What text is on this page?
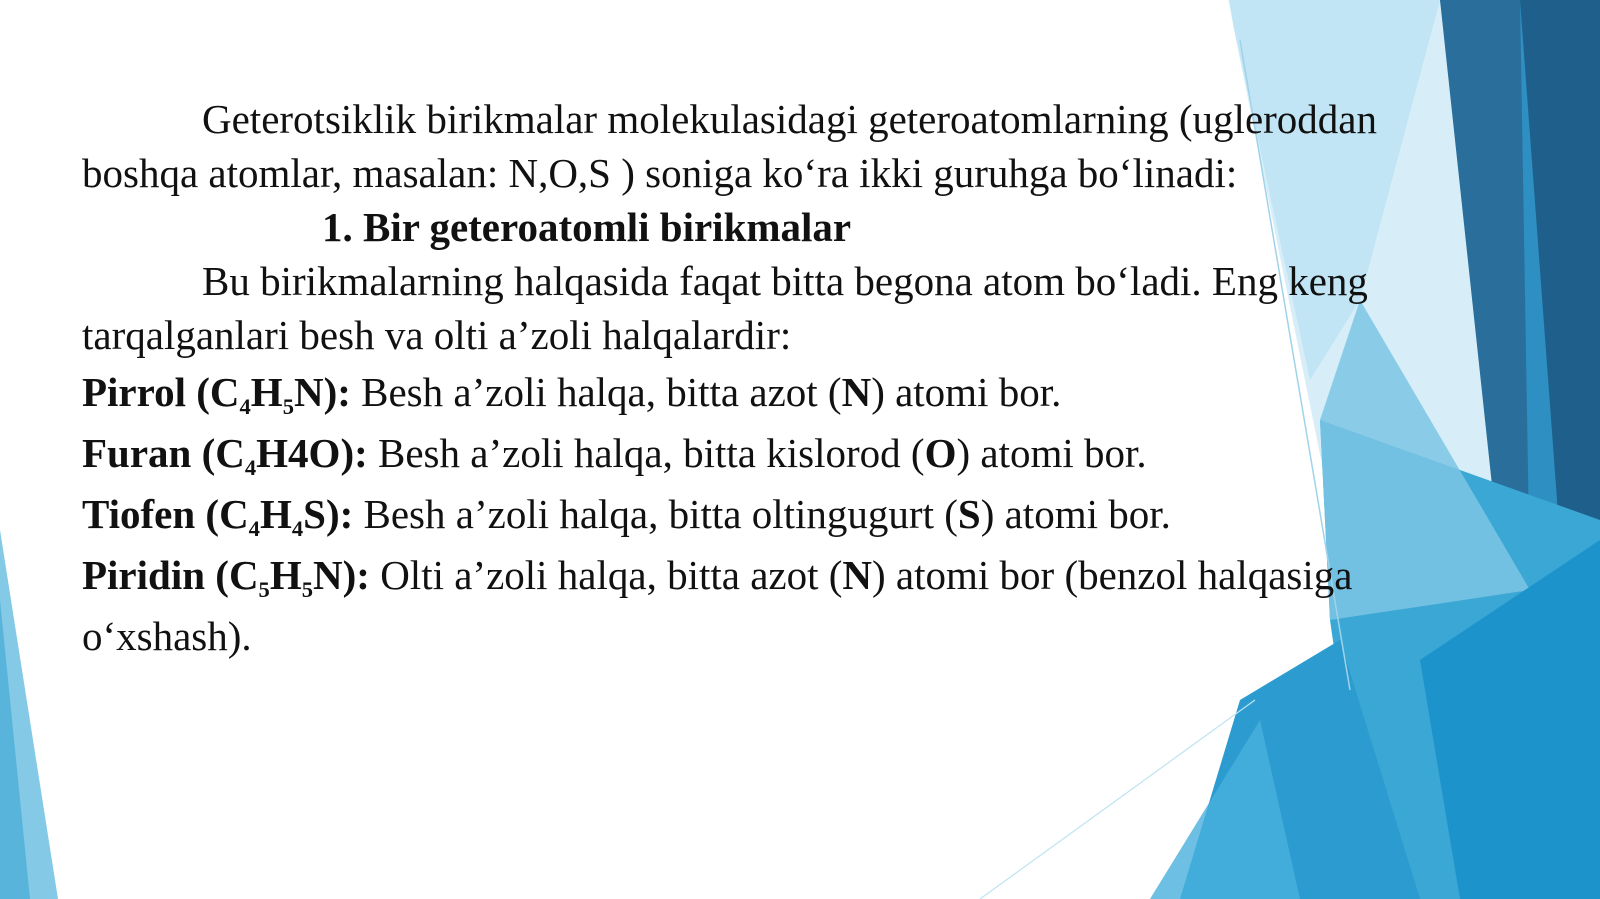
Geterotsiklik birikmalar molekulasidagi geteroatomlarning (ugleroddan boshqa atomlar, masalan: N,O,S ) soniga ko‘ra ikki guruhga bo‘linadi:

1. Bir geteroatomli birikmalar

Bu birikmalarning halqasida faqat bitta begona atom bo‘ladi. Eng keng tarqalganlari besh va olti a’zoli halqalardir:

Pirrol $(C_4H_5N)$: Besh a’zoli halqa, bitta azot (N) atomi bor.

Furan $(C_4H4O)$: Besh a’zoli halqa, bitta kislorod (O) atomi bor.

Tiofen $(C_4H_4S)$: Besh a’zoli halqa, bitta oltingugurt (S) atomi bor.

Piridin $(C_5H_5N)$: Olti a’zoli halqa, bitta azot (N) atomi bor (benzol halqasiga o‘xshash).
